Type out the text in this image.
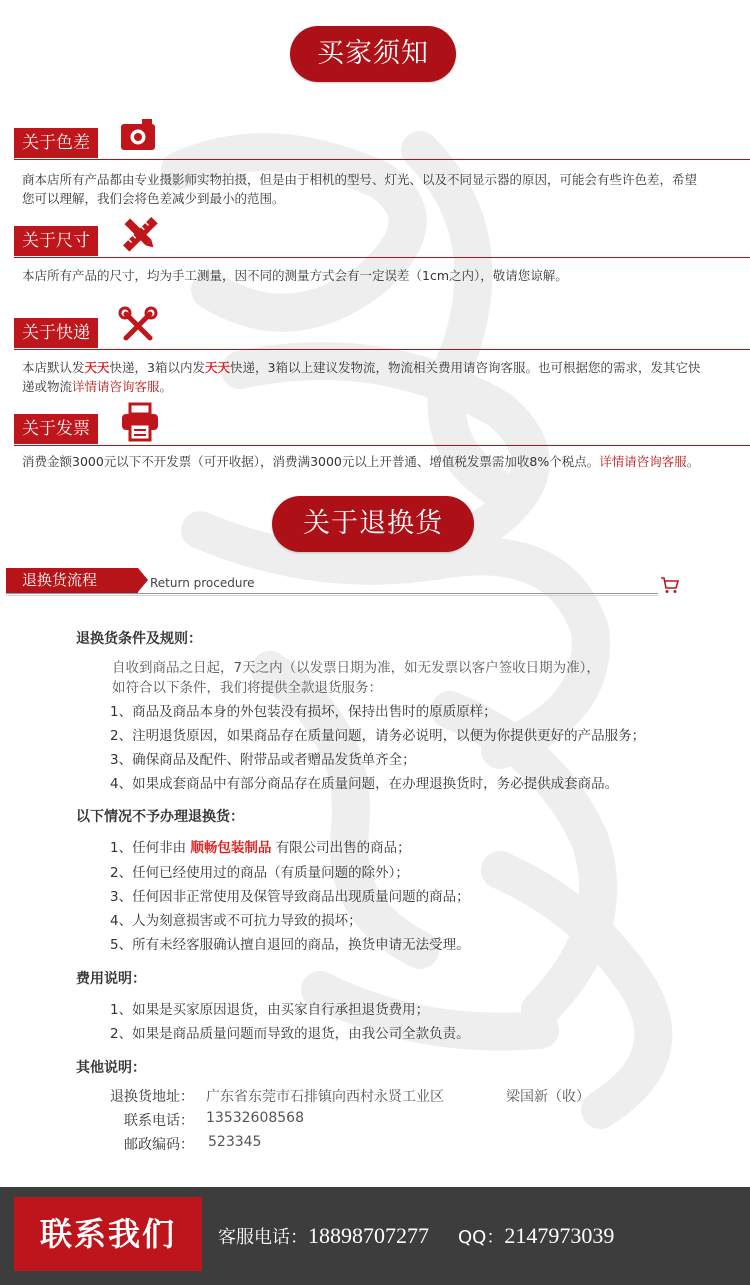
买家须知
关于色差
商本店所有产品都由专业摄影师实物拍摄，但是由于相机的型号、灯光、以及不同显示器的原因，可能会有些许色差，希望您可以理解，我们会将色差减少到最小的范围。
关于尺寸
本店所有产品的尺寸，均为手工测量，因不同的测量方式会有一定误差（1cm之内），敬请您谅解。
关于快递
本店默认发天天快递，3箱以内发天天快递，3箱以上建议发物流，物流相关费用请咨询客服。也可根据您的需求，发其它快递或物流详情请咨询客服。
关于发票
消费金额3000元以下不开发票（可开收据），消费满3000元以上开普通、增值税发票需加收8%个税点。详情请咨询客服。
关于退换货
退换货流程	Return procedure
退换货条件及规则：
自收到商品之日起，7天之内（以发票日期为准，如无发票以客户签收日期为准），
如符合以下条件，我们将提供全款退货服务：
1、商品及商品本身的外包装没有损坏，保持出售时的原质原样；
2、注明退货原因，如果商品存在质量问题，请务必说明，以便为你提供更好的产品服务；
3、确保商品及配件、附带品或者赠品发货单齐全；
4、如果成套商品中有部分商品存在质量问题，在办理退换货时，务必提供成套商品。
以下情况不予办理退换货：
1、任何非由 顺畅包装制品 有限公司出售的商品；
2、任何已经使用过的商品（有质量问题的除外）；
3、任何因非正常使用及保管导致商品出现质量问题的商品；
4、人为刻意损害或不可抗力导致的损坏；
5、所有未经客服确认擅自退回的商品，换货申请无法受理。
费用说明：
1、如果是买家原因退货，由买家自行承担退货费用；
2、如果是商品质量问题而导致的退货，由我公司全款负责。
其他说明：
退换货地址： 广东省东莞市石排镇向西村永贤工业区	梁国新（收）
联系电话： 13532608568
邮政编码： 523345
联系我们	客服电话：18898707277 QQ：2147973039
